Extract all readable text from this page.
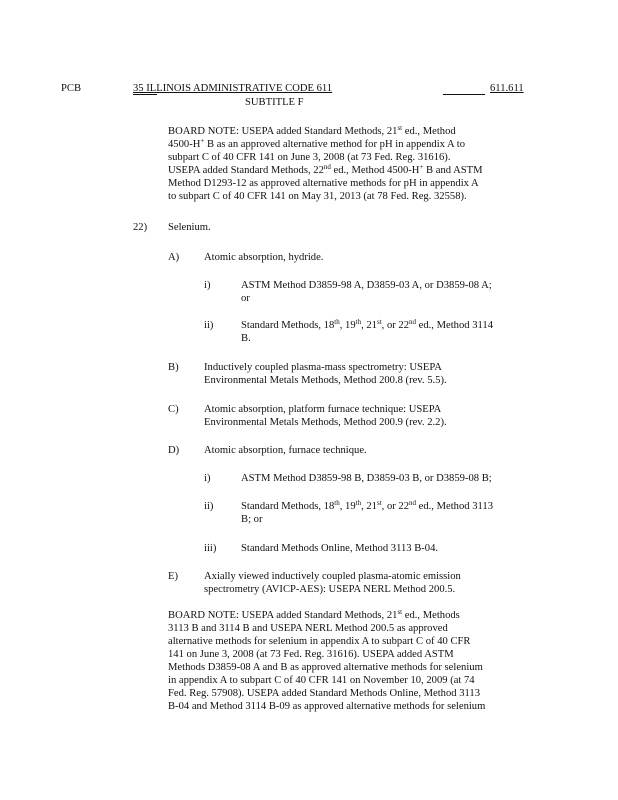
PCB	35 ILLINOIS ADMINISTRATIVE CODE 611	611.611
SUBTITLE F

BOARD NOTE: USEPA added Standard Methods, 21st ed., Method

4500-H+ B as an approved alternative method for pH in appendix A to

subpart C of 40 CFR 141 on June 3, 2008 (at 73 Fed. Reg. 31616).

USEPA added Standard Methods, 22nd ed., Method 4500-H+ B and ASTM

Method D1293-12 as approved alternative methods for pH in appendix A

to subpart C of 40 CFR 141 on May 31, 2013 (at 78 Fed. Reg. 32558).

22) Selenium.
A) Atomic absorption, hydride.
i)	ASTM Method D3859-98 A, D3859-03 A, or D3859-08 A;

or

ii)	Standard Methods, 18th, 19th, 21st, or 22nd ed., Method 3114

B.

B) Inductively coupled plasma-mass spectrometry: USEPA

Environmental Metals Methods, Method 200.8 (rev. 5.5).

C) Atomic absorption, platform furnace technique: USEPA

Environmental Metals Methods, Method 200.9 (rev. 2.2).

D) Atomic absorption, furnace technique.
i)	ASTM Method D3859-98 B, D3859-03 B, or D3859-08 B;
ii)	Standard Methods, 18th, 19th, 21st, or 22nd ed., Method 3113

B; or

iii) Standard Methods Online, Method 3113 B-04.
E) Axially viewed inductively coupled plasma-atomic emission

spectrometry (AVICP-AES): USEPA NERL Method 200.5.

BOARD NOTE: USEPA added Standard Methods, 21st ed., Methods

3113 B and 3114 B and USEPA NERL Method 200.5 as approved

alternative methods for selenium in appendix A to subpart C of 40 CFR

141 on June 3, 2008 (at 73 Fed. Reg. 31616). USEPA added ASTM

Methods D3859-08 A and B as approved alternative methods for selenium

in appendix A to subpart C of 40 CFR 141 on November 10, 2009 (at 74

Fed. Reg. 57908). USEPA added Standard Methods Online, Method 3113

B-04 and Method 3114 B-09 as approved alternative methods for selenium
